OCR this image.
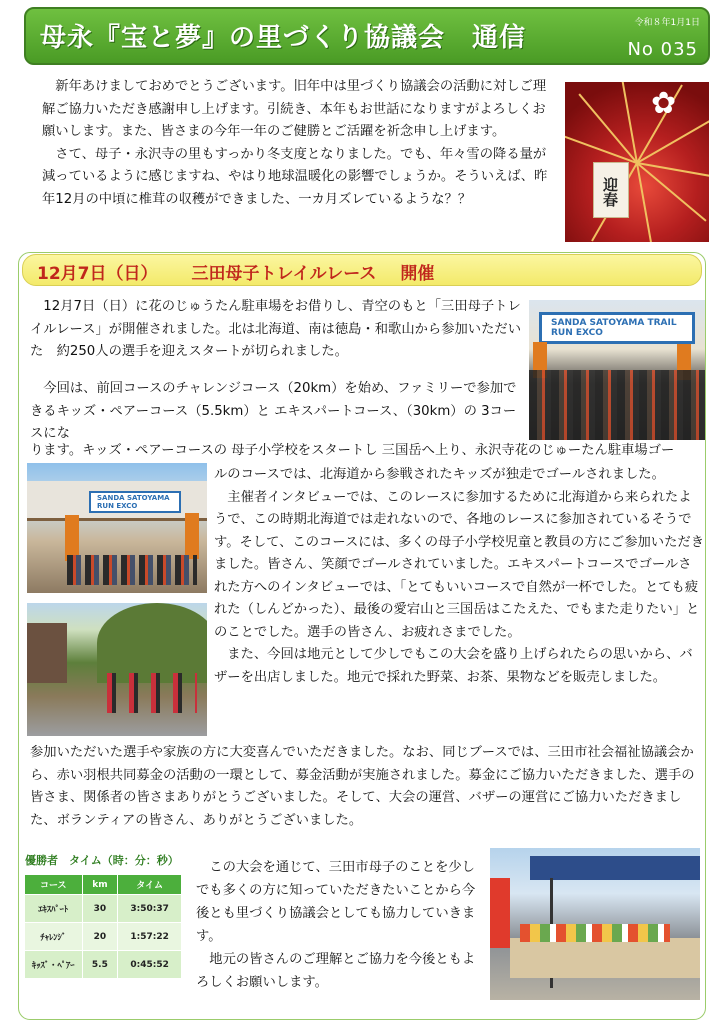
母永『宝と夢』の里づくり協議会　通信	令和８年1月1日
No 035

新年あけましておめでとうございます。旧年中は里づくり協議会の活動に対しご理解ご協力いただき感謝申し上げます。引続き、本年もお世話になりますがよろしくお願いします。また、皆さまの今年一年のご健勝とご活躍を祈念申し上げます。

さて、母子・永沢寺の里もすっかり冬支度となりました。でも、年々雪の降る量が減っているように感じますね、やはり地球温暖化の影響でしょうか。そういえば、昨年12月の中頃に椎茸の収穫ができました、一カ月ズレているような？？

✿
迎春
12月7日（日） 三田母子トレイルレース 開催

12月7日（日）に花のじゅうたん駐車場をお借りし、青空のもと「三田母子トレイルレース」が開催されました。北は北海道、南は徳島・和歌山から参加いただいた　約250人の選手を迎えスタートが切られました。

今回は、前回コースのチャレンジコース（20km）を始め、ファミリーで参加できるキッズ・ペアーコース（5.5km）と エキスパートコース、（30km）の 3コースにな

ります。キッズ・ペアーコースの 母子小学校をスタートし 三国岳へ上り、永沢寺花のじゅーたん駐車場ゴー
ルのコースでは、北海道から参戦されたキッズが独走でゴールされました。

主催者インタビューでは、このレースに参加するために北海道から来られたようで、この時期北海道では走れないので、各地のレースに参加されているそうです。そして、このコースには、多くの母子小学校児童と教員の方にご参加いただきました。皆さん、笑顔でゴールされていました。エキスパートコースでゴールされた方へのインタビューでは、「とてもいいコースで自然が一杯でした。とても疲れた（しんどかった）、最後の愛宕山と三国岳はこたえた、でもまた走りたい」とのことでした。選手の皆さん、お疲れさまでした。

また、今回は地元として少しでもこの大会を盛り上げられたらの思いから、バザーを出店しました。地元で採れた野菜、お茶、果物などを販売しました。

参加いただいた選手や家族の方に大変喜んでいただきました。なお、同じブースでは、三田市社会福祉協議会から、赤い羽根共同募金の活動の一環として、募金活動が実施されました。募金にご協力いただきました、選手の皆さま、関係者の皆さまありがとうございました。そして、大会の運営、バザーの運営にご協力いただきました、ボランティアの皆さん、ありがとうございました。

この大会を通じて、三田市母子のことを少しでも多くの方に知っていただきたいことから今後とも里づくり協議会としても協力していきます。

地元の皆さんのご理解とご協力を今後ともよろしくお願いします。

SANDA SATOYAMA TRAIL RUN EXCO
SANDA SATOYAMA RUN EXCO
優勝者　タイム（時：分：秒）
コース	km	タイム
ｴｷｽﾊﾟｰﾄ	30	3:50:37
ﾁｬﾚﾝｼﾞ	20	1:57:22
ｷｯｽﾞ・ﾍﾟｱｰ	5.5	0:45:52
